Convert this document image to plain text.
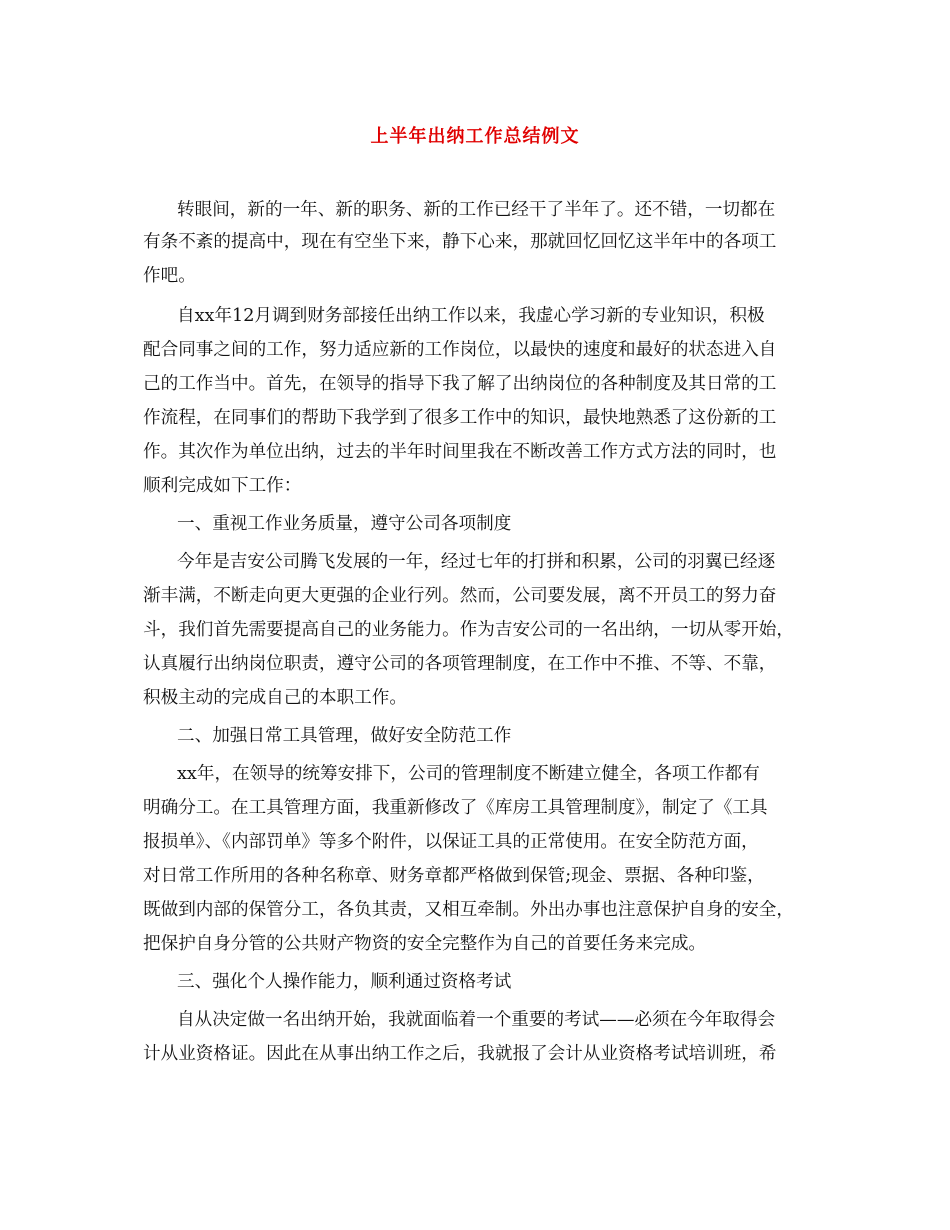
上半年出纳工作总结例文
转眼间，新的一年、新的职务、新的工作已经干了半年了。还不错，一切都在
有条不紊的提高中，现在有空坐下来，静下心来，那就回忆回忆这半年中的各项工
作吧。
自xx年12月调到财务部接任出纳工作以来，我虚心学习新的专业知识，积极
配合同事之间的工作，努力适应新的工作岗位，以最快的速度和最好的状态进入自
己的工作当中。首先，在领导的指导下我了解了出纳岗位的各种制度及其日常的工
作流程，在同事们的帮助下我学到了很多工作中的知识，最快地熟悉了这份新的工
作。其次作为单位出纳，过去的半年时间里我在不断改善工作方式方法的同时，也
顺利完成如下工作：
一、重视工作业务质量，遵守公司各项制度
今年是吉安公司腾飞发展的一年，经过七年的打拼和积累，公司的羽翼已经逐
渐丰满，不断走向更大更强的企业行列。然而，公司要发展，离不开员工的努力奋
斗，我们首先需要提高自己的业务能力。作为吉安公司的一名出纳，一切从零开始，
认真履行出纳岗位职责，遵守公司的各项管理制度，在工作中不推、不等、不靠，
积极主动的完成自己的本职工作。
二、加强日常工具管理，做好安全防范工作
xx年，在领导的统筹安排下，公司的管理制度不断建立健全，各项工作都有
明确分工。在工具管理方面，我重新修改了《库房工具管理制度》，制定了《工具
报损单》、《内部罚单》等多个附件，以保证工具的正常使用。在安全防范方面，
对日常工作所用的各种名称章、财务章都严格做到保管;现金、票据、各种印鉴，
既做到内部的保管分工，各负其责，又相互牵制。外出办事也注意保护自身的安全，
把保护自身分管的公共财产物资的安全完整作为自己的首要任务来完成。
三、强化个人操作能力，顺利通过资格考试
自从决定做一名出纳开始，我就面临着一个重要的考试——必须在今年取得会
计从业资格证。因此在从事出纳工作之后，我就报了会计从业资格考试培训班，希
